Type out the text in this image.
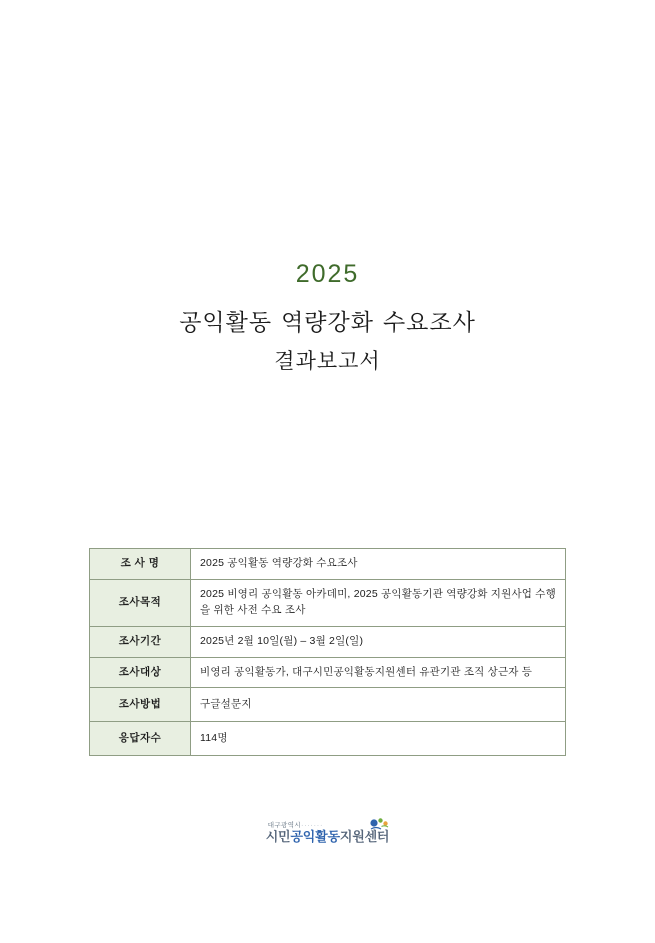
2025
공익활동 역량강화 수요조사
결과보고서
조 사 명	2025 공익활동 역량강화 수요조사
조사목적	2025 비영리 공익활동 아카데미, 2025 공익활동기관 역량강화 지원사업 수행을 위한 사전 수요 조사
조사기간	2025년 2월 10일(월) – 3월 2일(일)
조사대상	비영리 공익활동가, 대구시민공익활동지원센터 유관기관 조직 상근자 등
조사방법	구글설문지
응답자수	114명
대구광역시·······
시민공익활동지원센터
